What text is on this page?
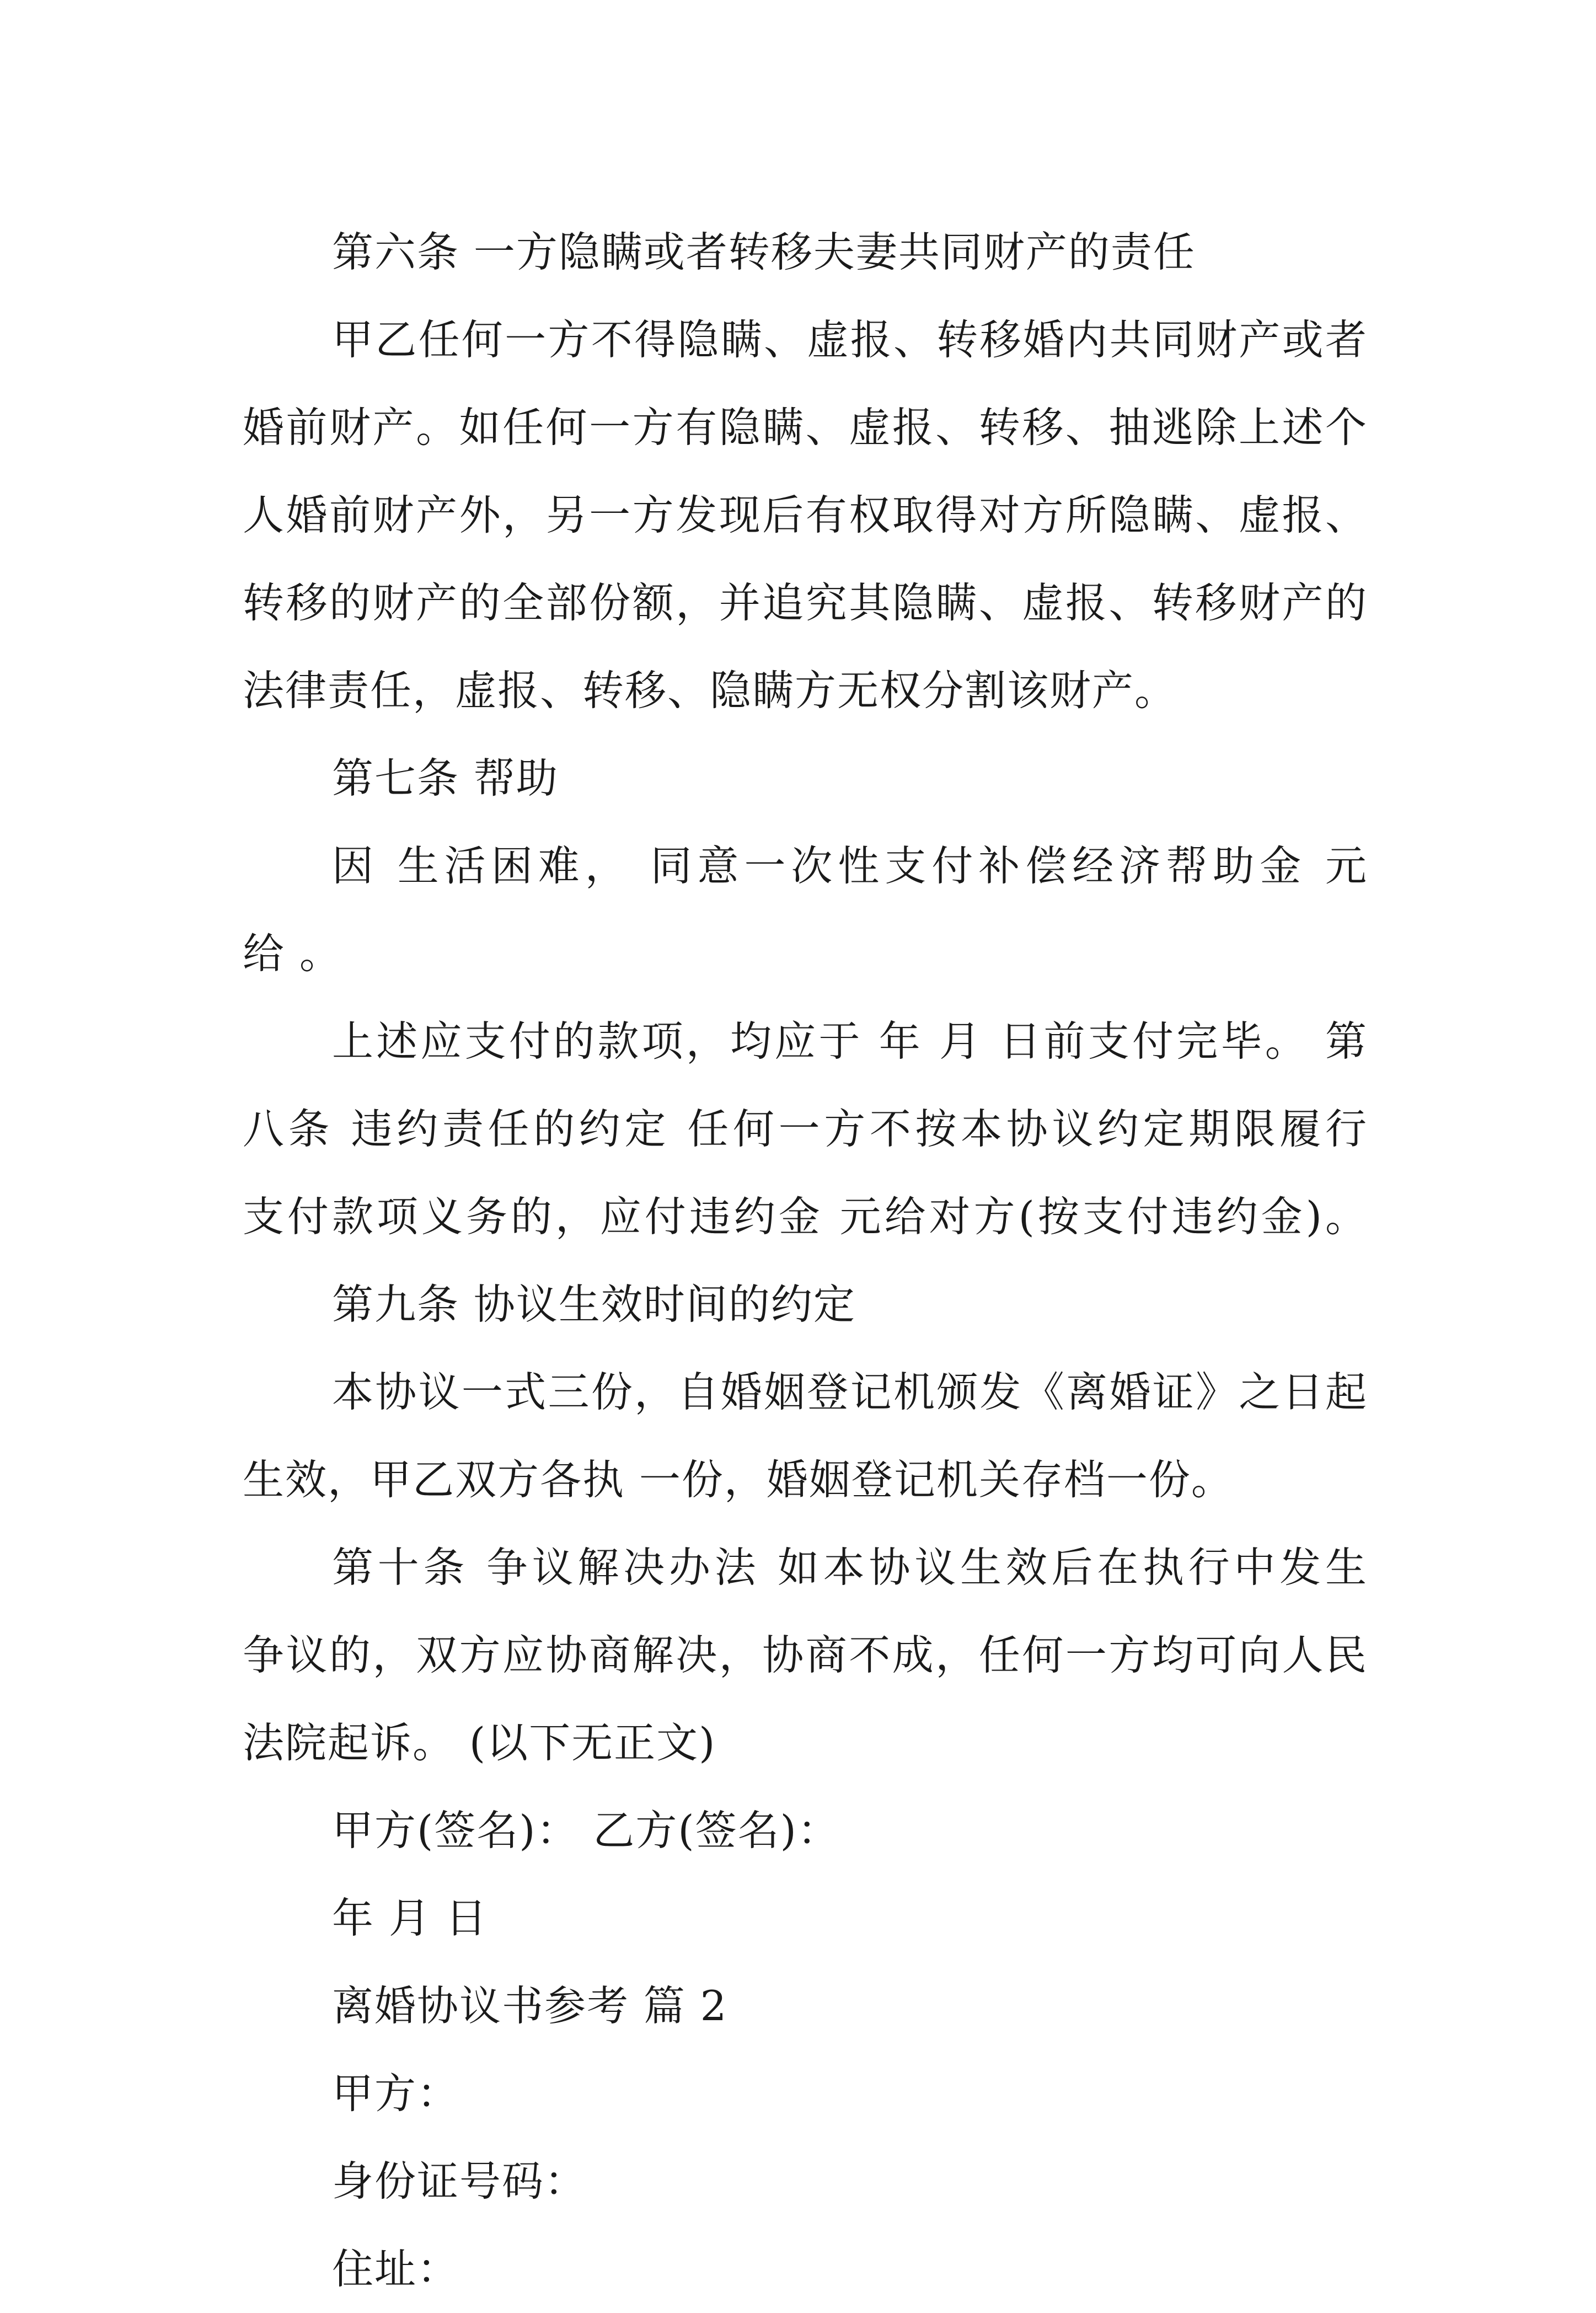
第六条 一方隐瞒或者转移夫妻共同财产的责任
甲乙任何一方不得隐瞒、虚报、转移婚内共同财产或者
婚前财产。如任何一方有隐瞒、虚报、转移、抽逃除上述个
人婚前财产外，另一方发现后有权取得对方所隐瞒、虚报、
转移的财产的全部份额，并追究其隐瞒、虚报、转移财产的
法律责任，虚报、转移、隐瞒方无权分割该财产。
第七条 帮助
因 生活困难， 同意一次性支付补偿经济帮助金 元
给 。
上述应支付的款项，均应于 年 月 日前支付完毕。 第
八条 违约责任的约定 任何一方不按本协议约定期限履行
支付款项义务的，应付违约金 元给对方(按支付违约金)。
第九条 协议生效时间的约定
本协议一式三份，自婚姻登记机颁发《离婚证》之日起
生效，甲乙双方各执 一份，婚姻登记机关存档一份。
第十条 争议解决办法 如本协议生效后在执行中发生
争议的，双方应协商解决，协商不成，任何一方均可向人民
法院起诉。 (以下无正文)
甲方(签名)： 乙方(签名)：
年 月 日
离婚协议书参考 篇 2
甲方：
身份证号码：
住址：
